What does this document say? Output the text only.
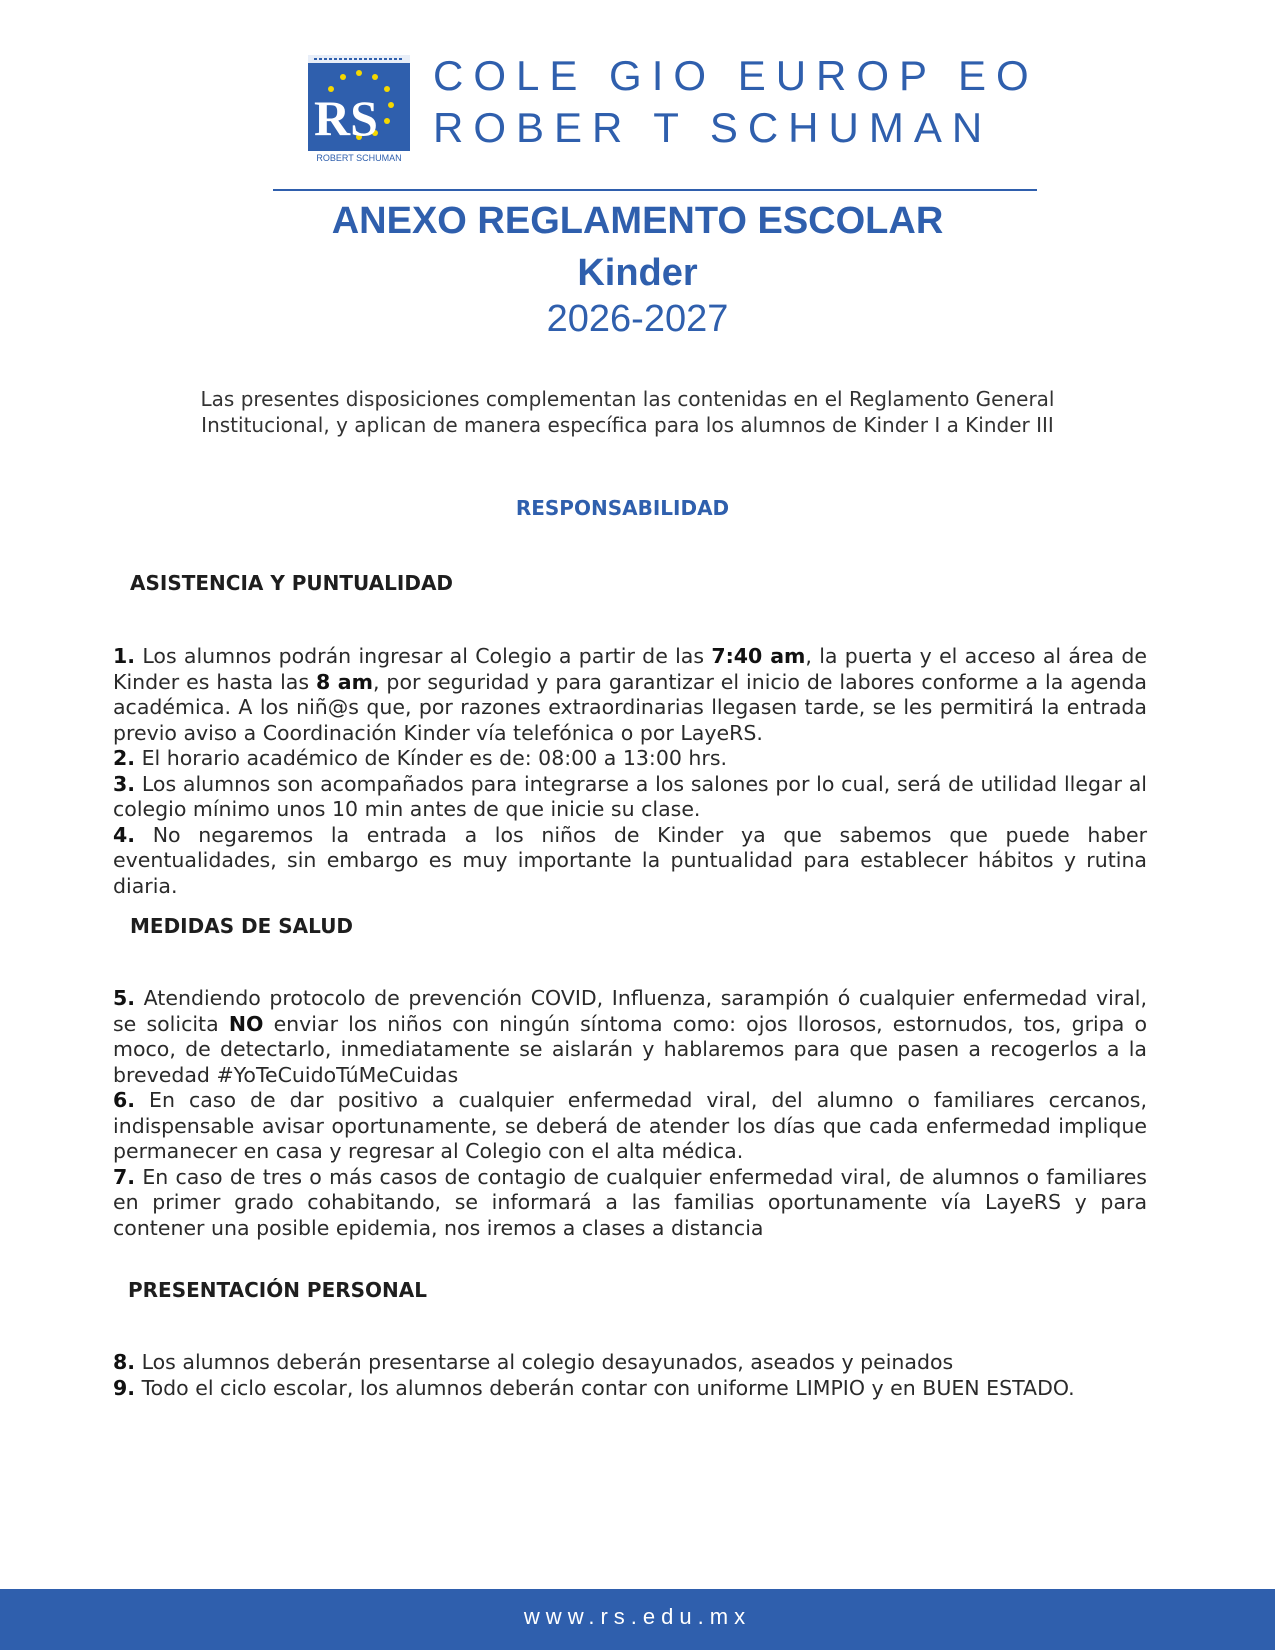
RS
ROBERT SCHUMAN
COLE GIO EUROP EO
ROBER T SCHUMAN
ANEXO REGLAMENTO ESCOLAR
Kinder
2026-2027
Las presentes disposiciones complementan las contenidas en el Reglamento General
Institucional, y aplican de manera específica para los alumnos de Kinder I a Kinder III
RESPONSABILIDAD
ASISTENCIA Y PUNTUALIDAD

1. Los alumnos podrán ingresar al Colegio a partir de las 7:40 am, la puerta y el acceso al área de Kinder es hasta las 8 am, por seguridad y para garantizar el inicio de labores conforme a la agenda académica. A los niñ@s que, por razones extraordinarias llegasen tarde, se les permitirá la entrada previo aviso a Coordinación Kinder vía telefónica o por LayeRS.

2. El horario académico de Kínder es de: 08:00 a 13:00 hrs.

3. Los alumnos son acompañados para integrarse a los salones por lo cual, será de utilidad llegar al colegio mínimo unos 10 min antes de que inicie su clase.

4. No negaremos la entrada a los niños de Kinder ya que sabemos que puede haber eventualidades, sin embargo es muy importante la puntualidad para establecer hábitos y rutina diaria.

MEDIDAS DE SALUD

5. Atendiendo protocolo de prevención COVID, Influenza, sarampión ó cualquier enfermedad viral, se solicita NO enviar los niños con ningún síntoma como: ojos llorosos, estornudos, tos, gripa o moco, de detectarlo, inmediatamente se aislarán y hablaremos para que pasen a recogerlos a la brevedad #YoTeCuidoTúMeCuidas

6. En caso de dar positivo a cualquier enfermedad viral, del alumno o familiares cercanos, indispensable avisar oportunamente, se deberá de atender los días que cada enfermedad implique permanecer en casa y regresar al Colegio con el alta médica.

7. En caso de tres o más casos de contagio de cualquier enfermedad viral, de alumnos o familiares en primer grado cohabitando, se informará a las familias oportunamente vía LayeRS y para contener una posible epidemia, nos iremos a clases a distancia

PRESENTACIÓN PERSONAL

8. Los alumnos deberán presentarse al colegio desayunados, aseados y peinados

9. Todo el ciclo escolar, los alumnos deberán contar con uniforme LIMPIO y en BUEN ESTADO.

www.rs.edu.mx
